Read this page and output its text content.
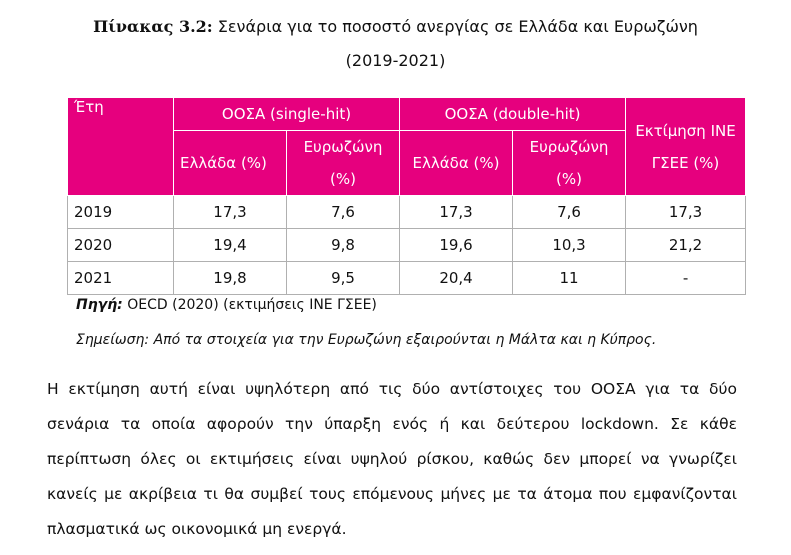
Πίνακας 3.2: Σενάρια για το ποσοστό ανεργίας σε Ελλάδα και Ευρωζώνη
(2019-2021)
Έτη	ΟΟΣΑ (single-hit)		ΟΟΣΑ (double-hit)		Εκτίμηση ΙΝΕ ΓΣΕΕ (%)
	Ελλάδα (%)	Ευρωζώνη (%)	Ελλάδα (%)	Ευρωζώνη (%)	
2019	17,3	7,6	17,3	7,6	17,3
2020	19,4	9,8	19,6	10,3	21,2
2021	19,8	9,5	20,4	11	-
Πηγή: OECD (2020) (εκτιμήσεις ΙΝΕ ΓΣΕΕ)
Σημείωση: Από τα στοιχεία για την Ευρωζώνη εξαιρούνται η Μάλτα και η Κύπρος.
Η εκτίμηση αυτή είναι υψηλότερη από τις δύο αντίστοιχες του ΟΟΣΑ για τα δύο σενάρια τα οποία αφορούν την ύπαρξη ενός ή και δεύτερου lockdown. Σε κάθε περίπτωση όλες οι εκτιμήσεις είναι υψηλού ρίσκου, καθώς δεν μπορεί να γνωρίζει κανείς με ακρίβεια τι θα συμβεί τους επόμενους μήνες με τα άτομα που εμφανίζονται πλασματικά ως οικονομικά μη ενεργά.
